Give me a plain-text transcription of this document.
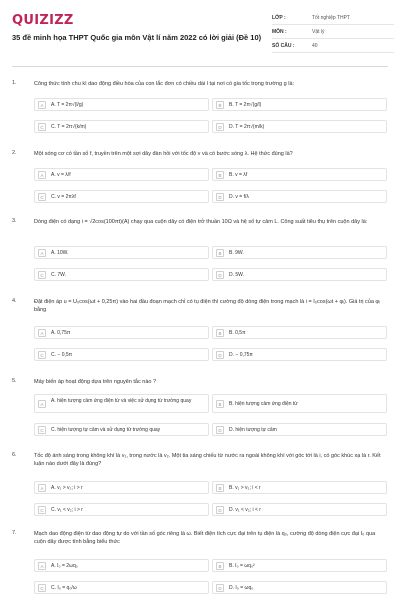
QUIZIZZ
35 đề minh họa THPT Quốc gia môn Vật lí năm 2022 có lời giải (Đề 10)
LỚP :	Tốt nghiệp THPT
MÔN :	Vật lý
SỐ CÂU :	40
1.	Công thức tính chu kì dao động điều hòa của con lắc đơn có chiều dài l tại nơi có gia tốc trọng trường g là:
A	A. T = 2π√(l/g)	B	B. T = 2π√(g/l)
C	C. T = 2π√(k/m)	D	D. T = 2π√(m/k)
2.	Một sóng cơ có tần số f, truyền trên một sợi dây đàn hồi với tốc độ v và có bước sóng λ. Hệ thức đúng là?
A	A. v = λ/f	B	B. v = λf
C	C. v = 2πλf	D	D. v = f/λ
3.	Dòng điện có dạng i = √2cos(100πt)(A) chạy qua cuộn dây có điện trở thuần 10Ω và hệ số tự cảm L. Công suất tiêu thụ trên cuộn dây là:
A	A. 10W.	B	B. 9W.
C	C. 7W.	D	D. 5W.
4.	Đặt điện áp u = U₀cos(ωt + 0,25π) vào hai đầu đoạn mạch chỉ có tụ điện thì cường độ dòng điện trong mạch là i = I₀cos(ωt + φᵢ). Giá trị của φᵢ bằng
A	A. 0,75π	B	B. 0,5π
C	C. − 0,5π	D	D. − 0,75π
5.	Máy biến áp hoạt động dựa trên nguyên tắc nào ?
A
A. hiện tượng cảm ứng điện từ và việc sử dụng từ trường quay
B	B. hiện tượng cảm ứng điện từ
C	C. hiện tượng tự cảm và sử dụng từ trường quay	D	D. hiện tượng tự cảm
6.	Tốc độ ánh sáng trong không khí là v₁, trong nước là v₂. Một tia sáng chiếu từ nước ra ngoài không khí với góc tới là i, có góc khúc xạ là r. Kết luận nào dưới đây là đúng?
A	A. v₁ > v₂; i > r	B	B. v₁ > v₂; i < r
C	C. v₁ < v₂; i > r	D	D. v₁ < v₂; i < r
7.	Mạch dao động điện từ dao động tự do với tần số góc riêng là ω. Biết điện tích cực đại trên tụ điện là q₀, cường độ dòng điện cực đại I₀ qua cuộn dây được tính bằng biểu thức
A	A. I₀ = 2ωq₀	B	B. I₀ = ωq₀²
C	C. I₀ = q₀/ω	D	D. I₀ = ωq₀
